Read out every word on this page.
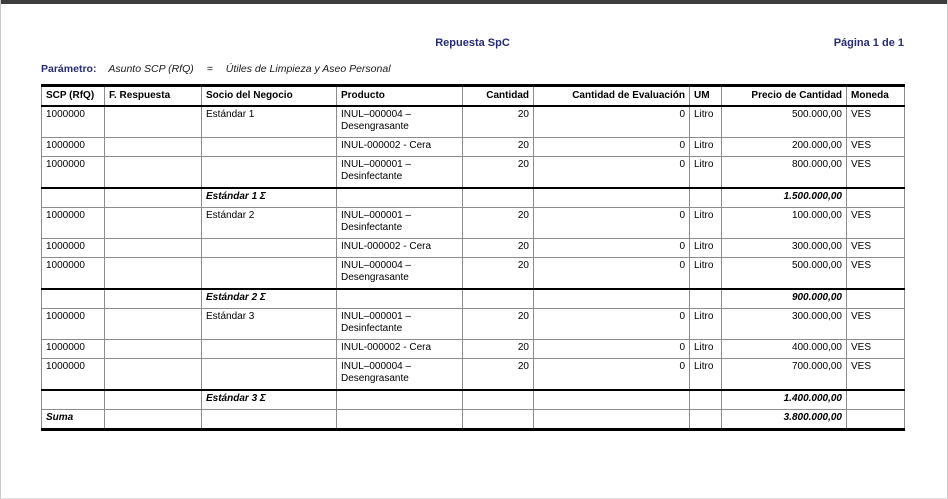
Repuesta SpC	Página 1 de 1
Parámetro: Asunto SCP (RfQ) = Útiles de Limpieza y Aseo Personal
SCP (RfQ)	F. Respuesta	Socio del Negocio	Producto	Cantidad	Cantidad de Evaluación	UM	Precio de Cantidad	Moneda
1000000		Estándar 1	INUL–000004 – Desengrasante	20	0	Litro	500.000,00	VES
1000000			INUL-000002 - Cera	20	0	Litro	200.000,00	VES
1000000			INUL–000001 – Desinfectante	20	0	Litro	800.000,00	VES
		Estándar 1 Σ					1.500.000,00	
1000000		Estándar 2	INUL–000001 – Desinfectante	20	0	Litro	100.000,00	VES
1000000			INUL-000002 - Cera	20	0	Litro	300.000,00	VES
1000000			INUL–000004 – Desengrasante	20	0	Litro	500.000,00	VES
		Estándar 2 Σ					900.000,00	
1000000		Estándar 3	INUL–000001 – Desinfectante	20	0	Litro	300.000,00	VES
1000000			INUL-000002 - Cera	20	0	Litro	400.000,00	VES
1000000			INUL–000004 – Desengrasante	20	0	Litro	700.000,00	VES
		Estándar 3 Σ					1.400.000,00	
Suma							3.800.000,00	
